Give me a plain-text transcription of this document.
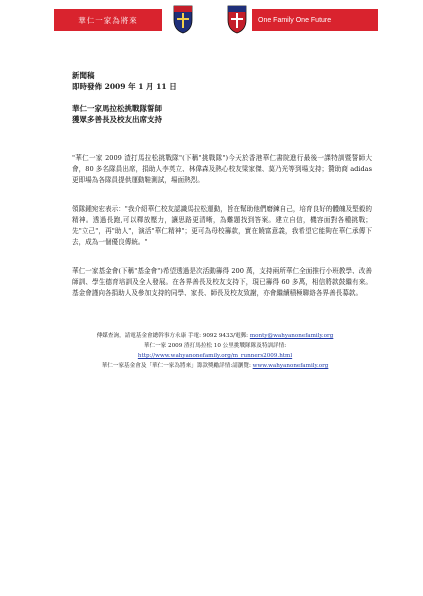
華仁一家為將來	One Family One Future
新聞稿
即時發佈 2009 年 1 月 11 日
華仁一家馬拉松挑戰隊誓師
獲眾多善長及校友出席支持

"華仁一家 2009 渣打馬拉松挑戰隊"(下稱"挑戰隊")今天於香港華仁書院進行最後一課特訓暨誓師大會，80 多名隊員出席，捐助人李英立、林偉森及熱心校友梁家傑、莫乃光等到場支持；贊助商 adidas 更即場為各隊員提供運動鞋測試，場面熱烈。

領隊鍾宛宏表示："我介紹華仁校友認識馬拉松運動，旨在幫助他們磨鍊自己，培育良好的體魄及堅毅的精神。透過長跑,可以釋放壓力，讓思路更清晰，為難題找到答案。建立自信，機容面對各種挑戰；先"立己"，再"助人"，演活"華仁精神"；更可為母校籌款，實在饒富意義，我希望它能夠在華仁承傳下去，成為一個優良傳統。"

華仁一家基金會(下稱"基金會")希望透過是次活動籌得 200 萬，支持兩所華仁全面推行小班教學、改善師訓、學生德育培訓及全人發展。在各界善長及校友支持下，現已籌得 60 多萬，相信將款鼓繼有來。基金會謹向各捐助人及參加支持的同學、家長、師長及校友致謝，亦會繼續積極聯絡各界善長募款。

傳媒查詢，請電基金會總幹事方永康 手電: 9092 9433/電郵: monty@wahyanonefamily.org
華仁一家 2009 渣打馬拉松 10 公里挑戰隊隊及特訓詳情:
http://www.wahyanonefamily.org/m_runners2009.html
華仁一家基金會及「華仁一家為將來」籌款獎勵詳情:請瀏覽: www.wahyanonefamily.org
